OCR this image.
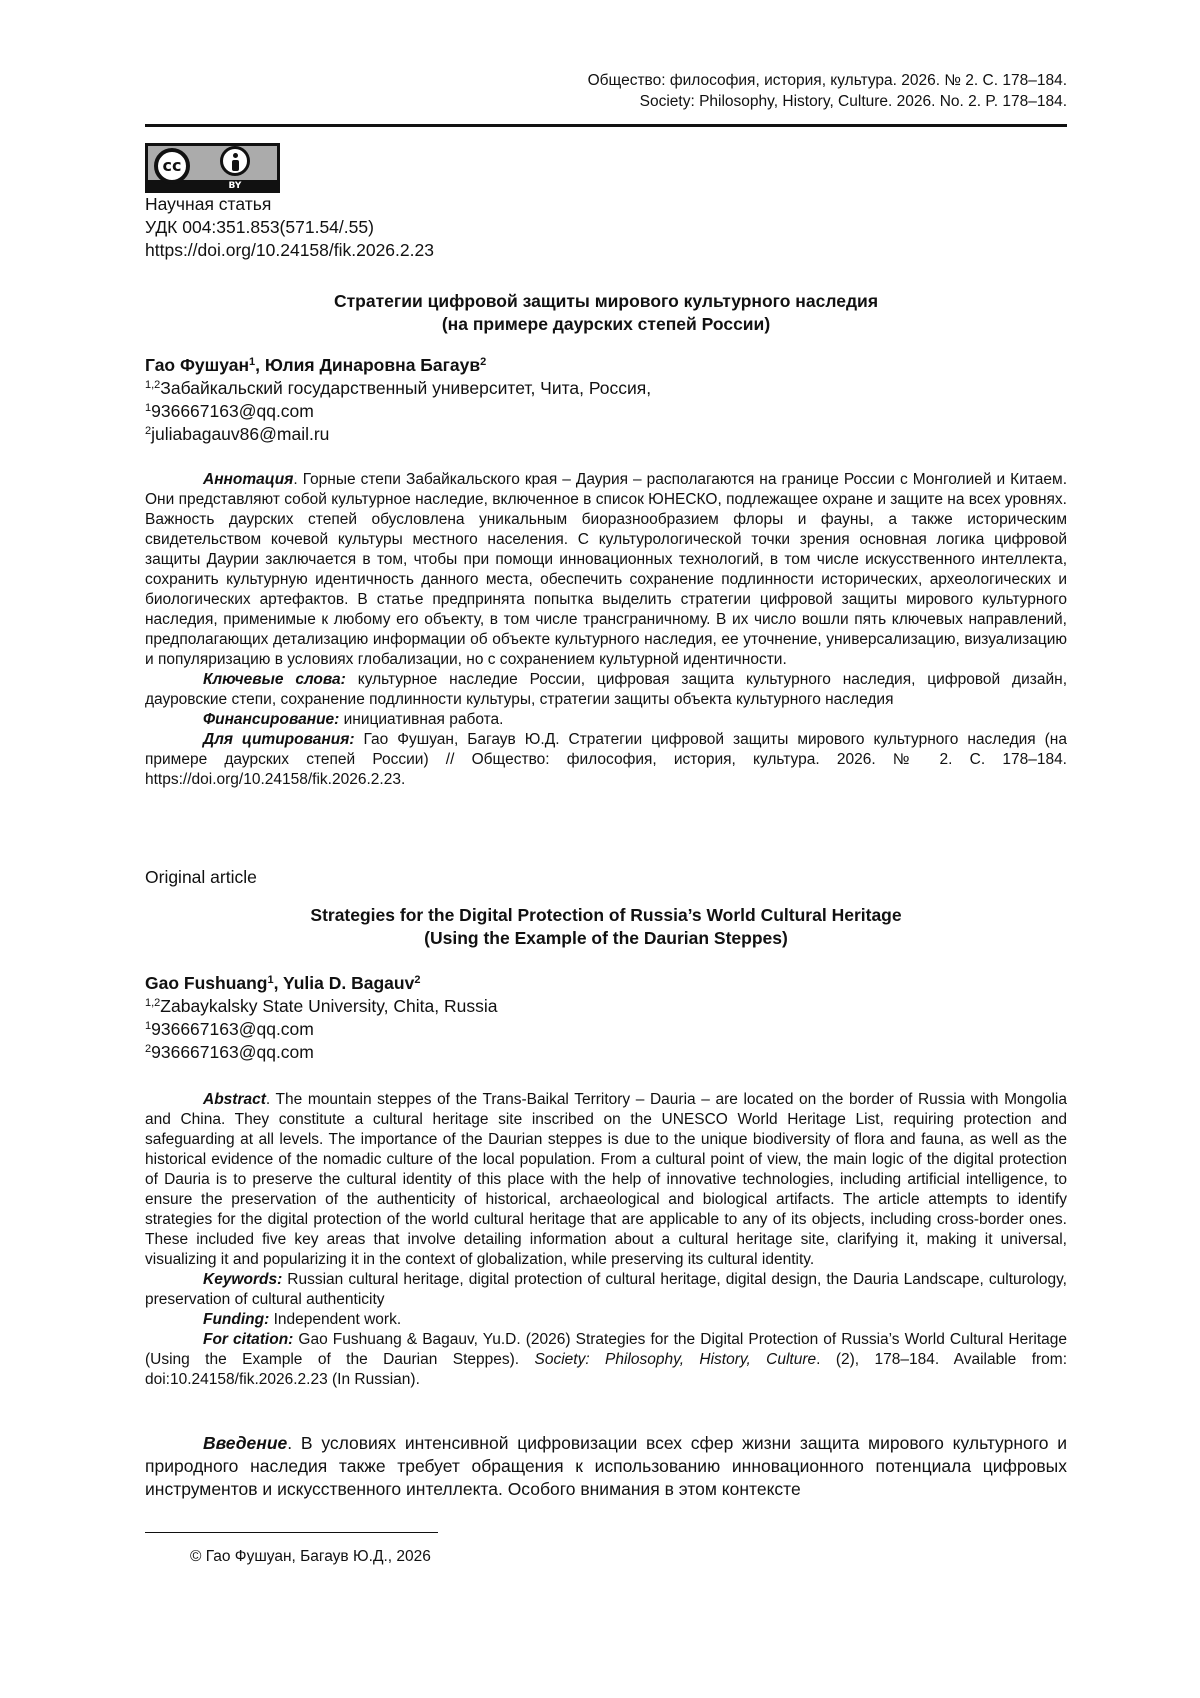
Общество: философия, история, культура. 2026. № 2. С. 178–184.
Society: Philosophy, History, Culture. 2026. No. 2. P. 178–184.
cc
BY
Научная статья
УДК 004:351.853(571.54/.55)
https://doi.org/10.24158/fik.2026.2.23
Стратегии цифровой защиты мирового культурного наследия
(на примере даурских степей России)
Гао Фушуан$^1$, Юлия Динаровна Багаув$^2$
$^{1,2}$Забайкальский государственный университет, Чита, Россия,
$^1$936667163@qq.com
$^2$juliabagauv86@mail.ru
Аннотация. Горные степи Забайкальского края – Даурия – располагаются на границе России с Монголией и Китаем. Они представляют собой культурное наследие, включенное в список ЮНЕСКО, подлежащее охране и защите на всех уровнях. Важность даурских степей обусловлена уникальным биоразнообразием флоры и фауны, а также историческим свидетельством кочевой культуры местного населения. С культурологической точки зрения основная логика цифровой защиты Даурии заключается в том, чтобы при помощи инновационных технологий, в том числе искусственного интеллекта, сохранить культурную идентичность данного места, обеспечить сохранение подлинности исторических, археологических и биологических артефактов. В статье предпринята попытка выделить стратегии цифровой защиты мирового культурного наследия, применимые к любому его объекту, в том числе трансграничному. В их число вошли пять ключевых направлений, предполагающих детализацию информации об объекте культурного наследия, ее уточнение, универсализацию, визуализацию и популяризацию в условиях глобализации, но с сохранением культурной идентичности.
Ключевые слова: культурное наследие России, цифровая защита культурного наследия, цифровой дизайн, дауровские степи, сохранение подлинности культуры, стратегии защиты объекта культурного наследия
Финансирование: инициативная работа.
Для цитирования: Гао Фушуан, Багаув Ю.Д. Стратегии цифровой защиты мирового культурного наследия (на примере даурских степей России) // Общество: философия, история, культура. 2026. № 2. С. 178–184. https://doi.org/10.24158/fik.2026.2.23.
Original article
Strategies for the Digital Protection of Russia’s World Cultural Heritage
(Using the Example of the Daurian Steppes)
Gao Fushuang$^1$, Yulia D. Bagauv$^2$
$^{1,2}$Zabaykalsky State University, Chita, Russia
$^1$936667163@qq.com
$^2$936667163@qq.com
Abstract. The mountain steppes of the Trans-Baikal Territory – Dauria – are located on the border of Russia with Mongolia and China. They constitute a cultural heritage site inscribed on the UNESCO World Heritage List, requiring protection and safeguarding at all levels. The importance of the Daurian steppes is due to the unique biodiversity of flora and fauna, as well as the historical evidence of the nomadic culture of the local population. From a cultural point of view, the main logic of the digital protection of Dauria is to preserve the cultural identity of this place with the help of innovative technologies, including artificial intelligence, to ensure the preservation of the authenticity of historical, archaeological and biological artifacts. The article attempts to identify strategies for the digital protection of the world cultural heritage that are applicable to any of its objects, including cross-border ones. These included five key areas that involve detailing information about a cultural heritage site, clarifying it, making it universal, visualizing it and popularizing it in the context of globalization, while preserving its cultural identity.
Keywords: Russian cultural heritage, digital protection of cultural heritage, digital design, the Dauria Landscape, culturology, preservation of cultural authenticity
Funding: Independent work.
For citation: Gao Fushuang & Bagauv, Yu.D. (2026) Strategies for the Digital Protection of Russia’s World Cultural Heritage (Using the Example of the Daurian Steppes). Society: Philosophy, History, Culture. (2), 178–184. Available from: doi:10.24158/fik.2026.2.23 (In Russian).
Введение. В условиях интенсивной цифровизации всех сфер жизни защита мирового культурного и природного наследия также требует обращения к использованию инновационного потенциала цифровых инструментов и искусственного интеллекта. Особого внимания в этом контексте
© Гао Фушуан, Багаув Ю.Д., 2026
